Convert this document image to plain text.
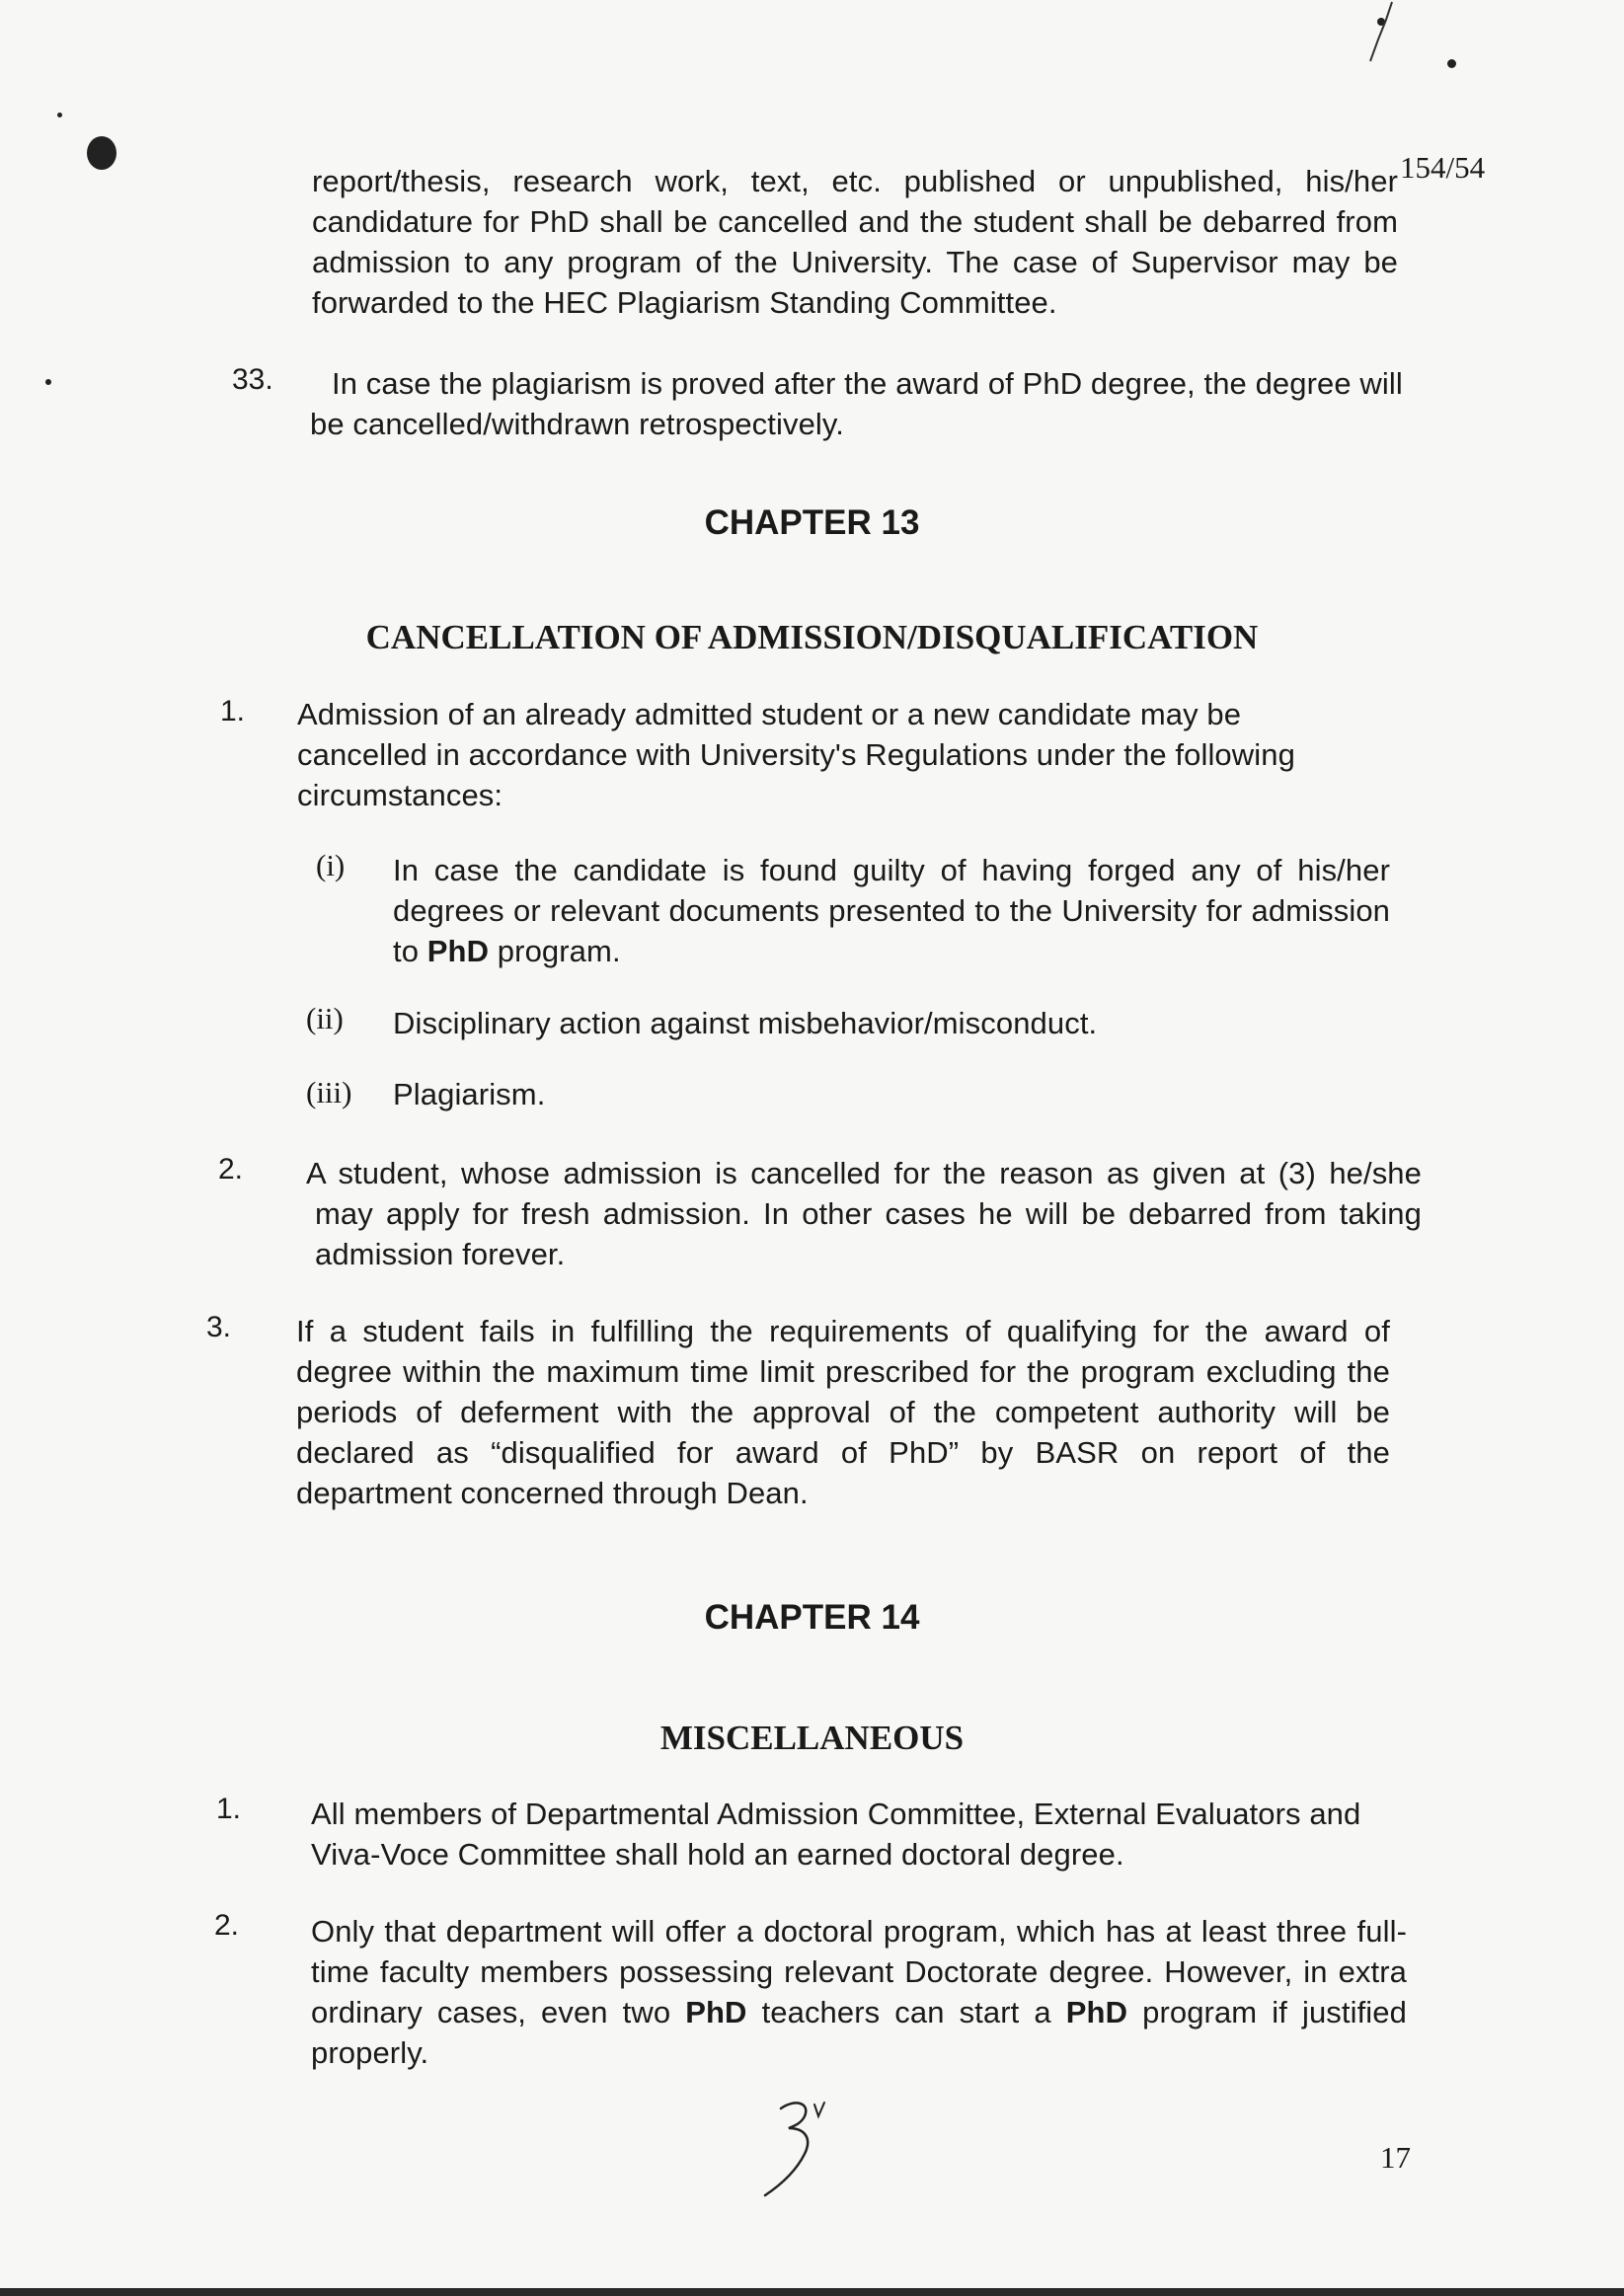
154/54
report/thesis, research work, text, etc. published or unpublished, his/her candidature for PhD shall be cancelled and the student shall be debarred from admission to any program of the University. The case of Supervisor may be forwarded to the HEC Plagiarism Standing Committee.
33.	In case the plagiarism is proved after the award of PhD degree, the degree will be cancelled/withdrawn retrospectively.
CHAPTER 13
CANCELLATION OF ADMISSION/DISQUALIFICATION
1. Admission of an already admitted student or a new candidate may be cancelled in accordance with University's Regulations under the following circumstances:
(i) In case the candidate is found guilty of having forged any of his/her degrees or relevant documents presented to the University for admission to PhD program.
(ii) Disciplinary action against misbehavior/misconduct.
(iii) Plagiarism.
2. A student, whose admission is cancelled for the reason as given at (3) he/she may apply for fresh admission. In other cases he will be debarred from taking admission forever.
3. If a student fails in fulfilling the requirements of qualifying for the award of degree within the maximum time limit prescribed for the program excluding the periods of deferment with the approval of the competent authority will be declared as “disqualified for award of PhD” by BASR on report of the department concerned through Dean.
CHAPTER 14
MISCELLANEOUS
1. All members of Departmental Admission Committee, External Evaluators and Viva-Voce Committee shall hold an earned doctoral degree.
2. Only that department will offer a doctoral program, which has at least three full-time faculty members possessing relevant Doctorate degree. However, in extra ordinary cases, even two PhD teachers can start a PhD program if justified properly.
17
